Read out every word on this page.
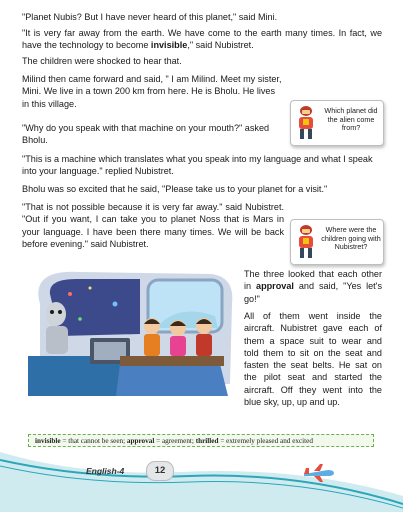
"Planet Nubis? But I have never heard of this planet," said Mini.

"It is very far away from the earth. We have come to the earth many times. In fact, we have the technology to become invisible," said Nubistret.

The children were shocked to hear that.

Milind then came forward and said, " I am Milind. Meet my sister, Mini. We live in a town 200 km from here. He is Bholu. He lives in this village.

Which planet did the alien come from?

"Why do you speak with that machine on your mouth?" asked Bholu.

"This is a machine which translates what you speak into my language and what I speak into your language." replied Nubistret.

Bholu was so excited that he said, "Please take us to your planet for a visit."

"That is not possible because it is very far away." said Nubistret. "Out if you want, I can take you to planet Noss that is Mars in your language. I have been there many times. We will be back before evening." said Nubistret.

Where were the children going with Nubistret?

The three looked that each other in approval and said, "Yes let's go!"

All of them went inside the aircraft. Nubistret gave each of them a space suit to wear and told them to sit on the seat and fasten the seat belts. He sat on the pilot seat and started the aircraft. Off they went into the blue sky, up, up and up.

invisible = that cannot be seen; approval = agreement; thrilled = extremely pleased and excited
English-4	12
